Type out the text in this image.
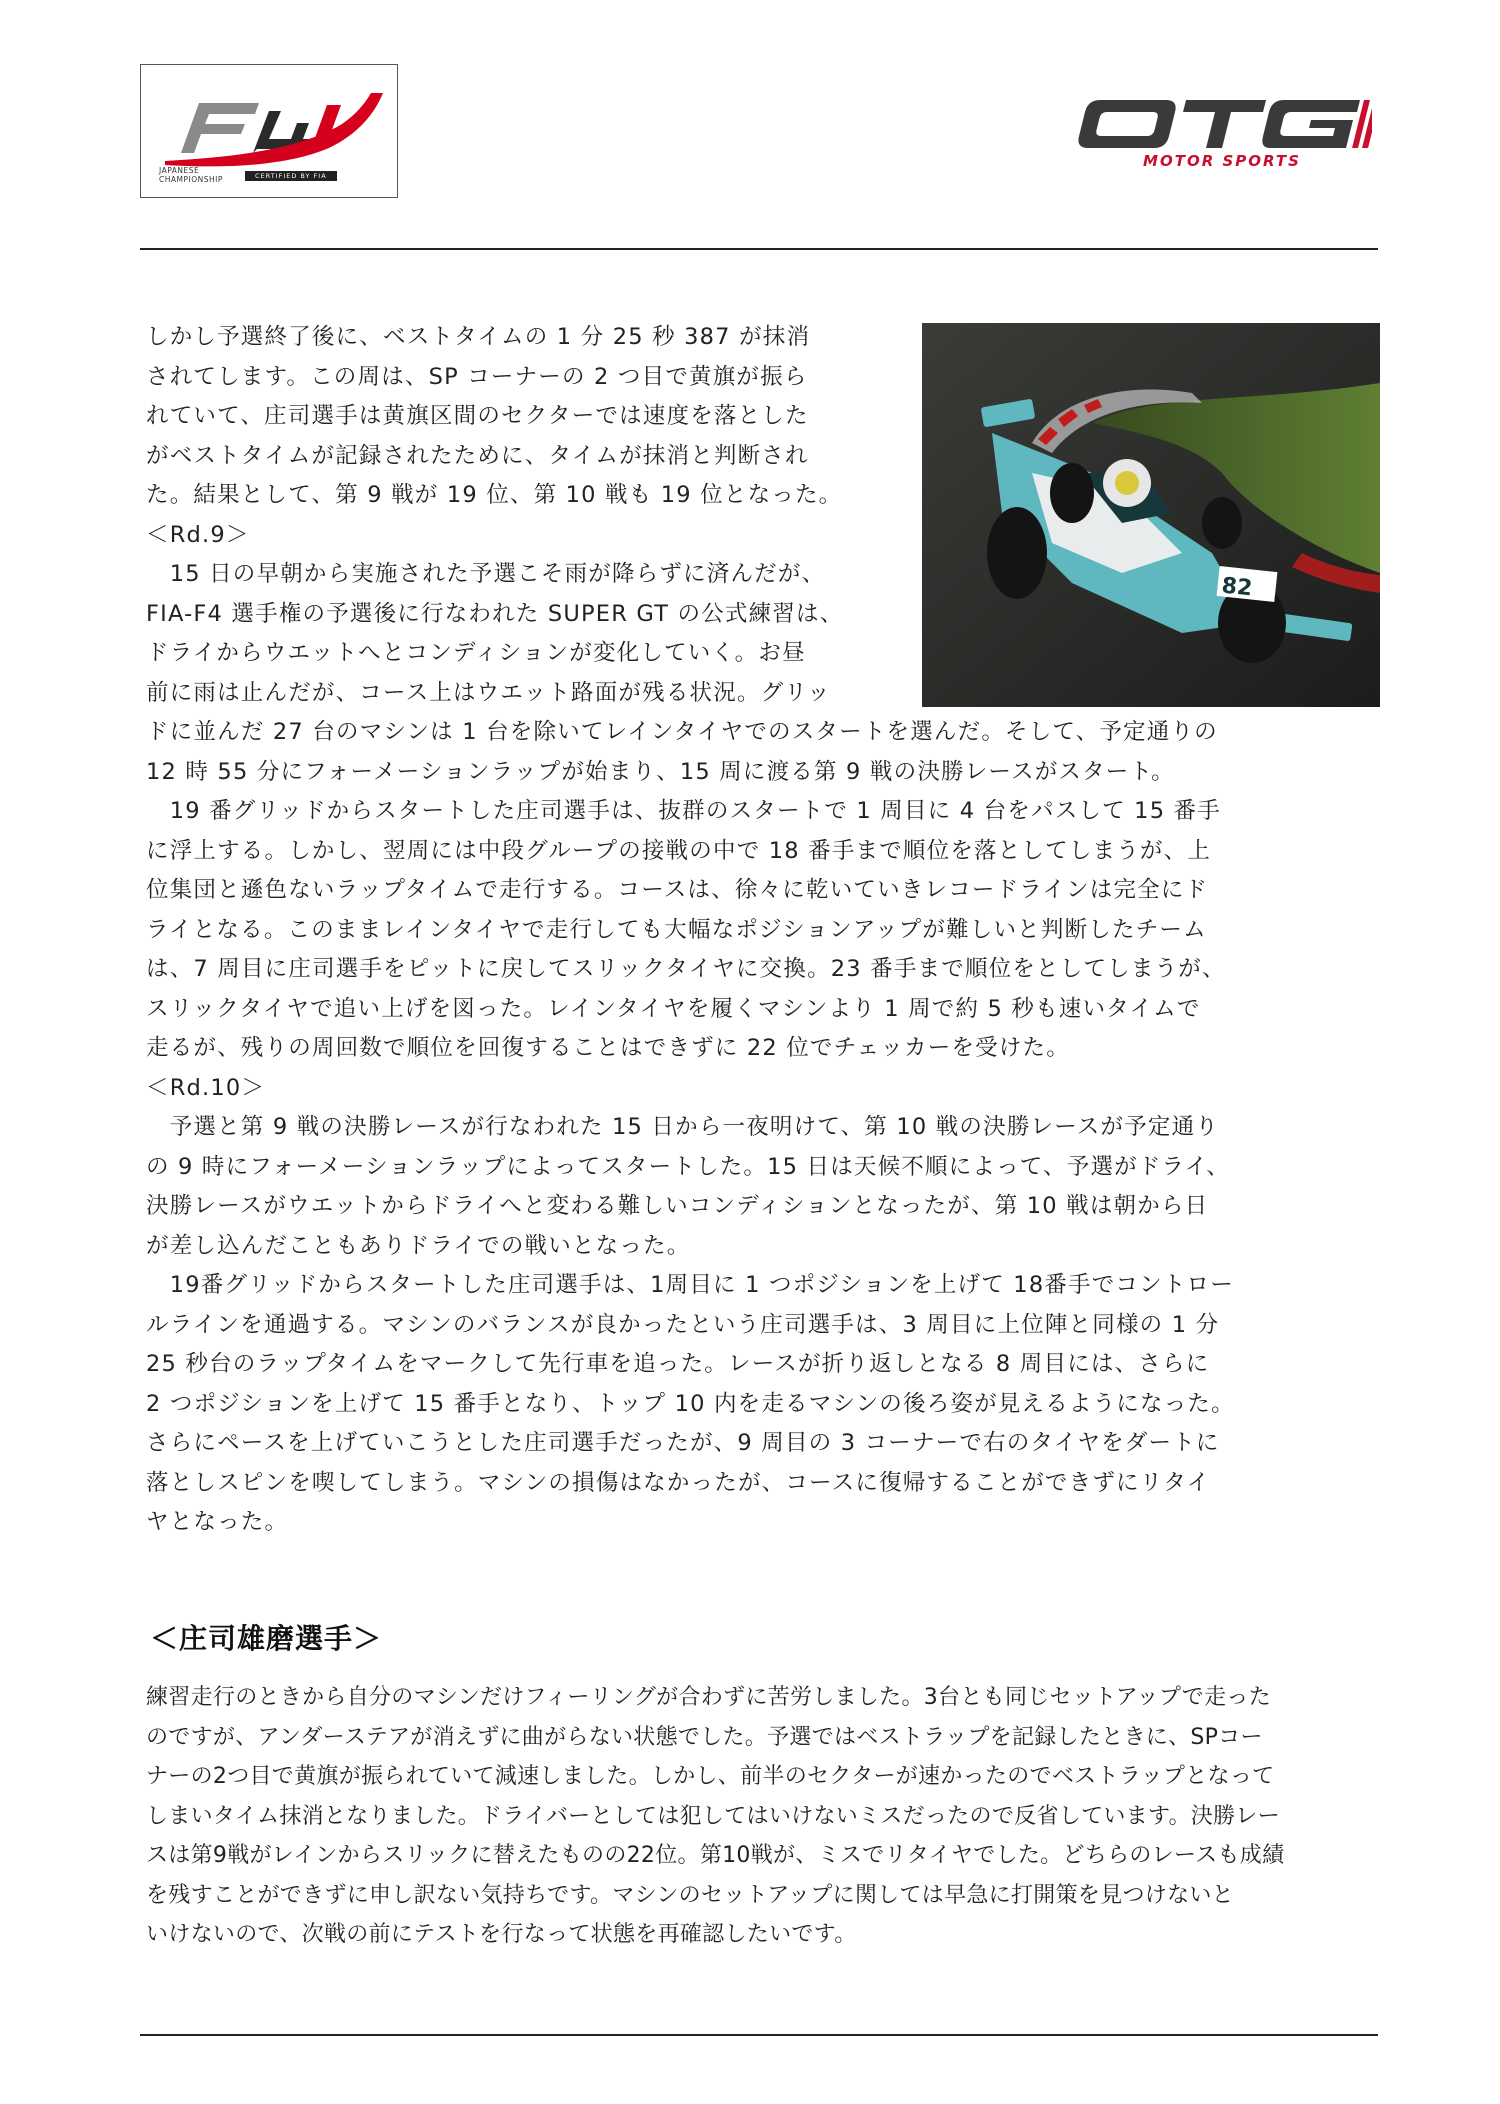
JAPANESE
CHAMPIONSHIP	CERTIFIED BY FIA
MOTOR SPORTS
82
しかし予選終了後に、ベストタイムの 1 分 25 秒 387 が抹消
されてします。この周は、SP コーナーの 2 つ目で黄旗が振ら
れていて、庄司選手は黄旗区間のセクターでは速度を落とした
がベストタイムが記録されたために、タイムが抹消と判断され
た。結果として、第 9 戦が 19 位、第 10 戦も 19 位となった。
＜Rd.9＞
　15 日の早朝から実施された予選こそ雨が降らずに済んだが、
FIA-F4 選手権の予選後に行なわれた SUPER GT の公式練習は、
ドライからウエットへとコンディションが変化していく。お昼
前に雨は止んだが、コース上はウエット路面が残る状況。グリッ
ドに並んだ 27 台のマシンは 1 台を除いてレインタイヤでのスタートを選んだ。そして、予定通りの
12 時 55 分にフォーメーションラップが始まり、15 周に渡る第 9 戦の決勝レースがスタート。
　19 番グリッドからスタートした庄司選手は、抜群のスタートで 1 周目に 4 台をパスして 15 番手
に浮上する。しかし、翌周には中段グループの接戦の中で 18 番手まで順位を落としてしまうが、上
位集団と遜色ないラップタイムで走行する。コースは、徐々に乾いていきレコードラインは完全にド
ライとなる。このままレインタイヤで走行しても大幅なポジションアップが難しいと判断したチーム
は、7 周目に庄司選手をピットに戻してスリックタイヤに交換。23 番手まで順位をとしてしまうが、
スリックタイヤで追い上げを図った。レインタイヤを履くマシンより 1 周で約 5 秒も速いタイムで
走るが、残りの周回数で順位を回復することはできずに 22 位でチェッカーを受けた。
＜Rd.10＞
　予選と第 9 戦の決勝レースが行なわれた 15 日から一夜明けて、第 10 戦の決勝レースが予定通り
の 9 時にフォーメーションラップによってスタートした。15 日は天候不順によって、予選がドライ、
決勝レースがウエットからドライへと変わる難しいコンディションとなったが、第 10 戦は朝から日
が差し込んだこともありドライでの戦いとなった。
　19番グリッドからスタートした庄司選手は、1周目に 1 つポジションを上げて 18番手でコントロー
ルラインを通過する。マシンのバランスが良かったという庄司選手は、3 周目に上位陣と同様の 1 分
25 秒台のラップタイムをマークして先行車を追った。レースが折り返しとなる 8 周目には、さらに
2 つポジションを上げて 15 番手となり、トップ 10 内を走るマシンの後ろ姿が見えるようになった。
さらにペースを上げていこうとした庄司選手だったが、9 周目の 3 コーナーで右のタイヤをダートに
落としスピンを喫してしまう。マシンの損傷はなかったが、コースに復帰することができずにリタイ
ヤとなった。
＜庄司雄磨選手＞
練習走行のときから自分のマシンだけフィーリングが合わずに苦労しました。3台とも同じセットアップで走った
のですが、アンダーステアが消えずに曲がらない状態でした。予選ではベストラップを記録したときに、SPコー
ナーの2つ目で黄旗が振られていて減速しました。しかし、前半のセクターが速かったのでベストラップとなって
しまいタイム抹消となりました。ドライバーとしては犯してはいけないミスだったので反省しています。決勝レー
スは第9戦がレインからスリックに替えたものの22位。第10戦が、ミスでリタイヤでした。どちらのレースも成績
を残すことができずに申し訳ない気持ちです。マシンのセットアップに関しては早急に打開策を見つけないと
いけないので、次戦の前にテストを行なって状態を再確認したいです。
